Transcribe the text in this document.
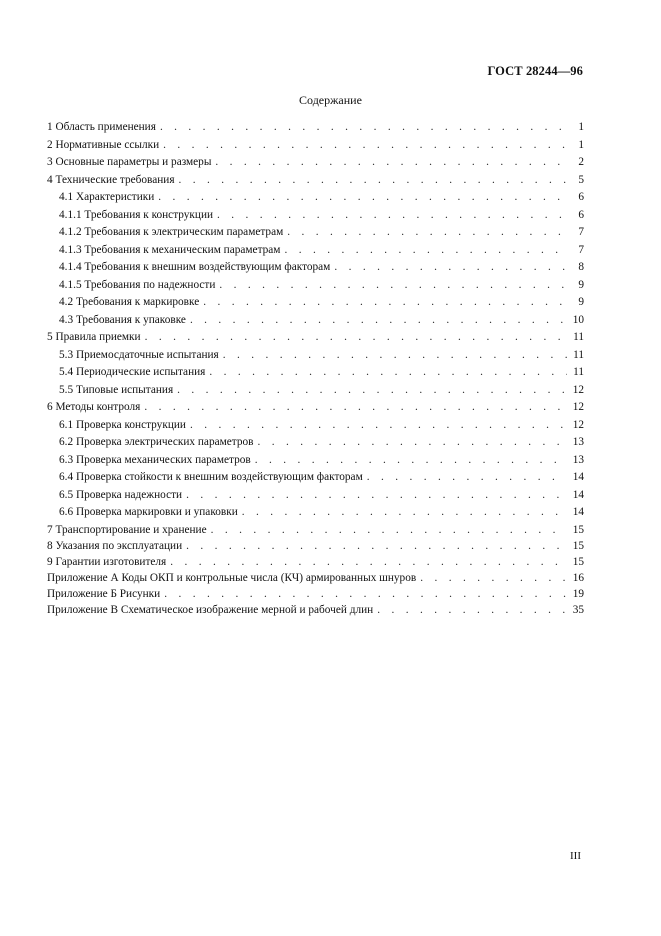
ГОСТ 28244—96
Содержание
1 Область применения . . .	1
2 Нормативные ссылки . . .	1
3 Основные параметры и размеры . . .	2
4 Технические требования . . .	5
4.1 Характеристики . . .	6
4.1.1 Требования к конструкции . . .	6
4.1.2 Требования к электрическим параметрам . . .	7
4.1.3 Требования к механическим параметрам . . .	7
4.1.4 Требования к внешним воздействующим факторам . . .	8
4.1.5 Требования по надежности . . .	9
4.2 Требования к маркировке . . .	9
4.3 Требования к упаковке . . .	10
5 Правила приемки . . .	11
5.3 Приемосдаточные испытания . . .	11
5.4 Периодические испытания . . .	11
5.5 Типовые испытания . . .	12
6 Методы контроля . . .	12
6.1 Проверка конструкции . . .	12
6.2 Проверка электрических параметров . . .	13
6.3 Проверка механических параметров . . .	13
6.4 Проверка стойкости к внешним воздействующим факторам . . .	14
6.5 Проверка надежности . . .	14
6.6 Проверка маркировки и упаковки . . .	14
7 Транспортирование и хранение . . .	15
8 Указания по эксплуатации . . .	15
9 Гарантии изготовителя . . .	15
Приложение А Коды ОКП и контрольные числа (КЧ) армированных шнуров . . .	16
Приложение Б Рисунки . . .	19
Приложение В Схематическое изображение мерной и рабочей длин . . .	35
III
